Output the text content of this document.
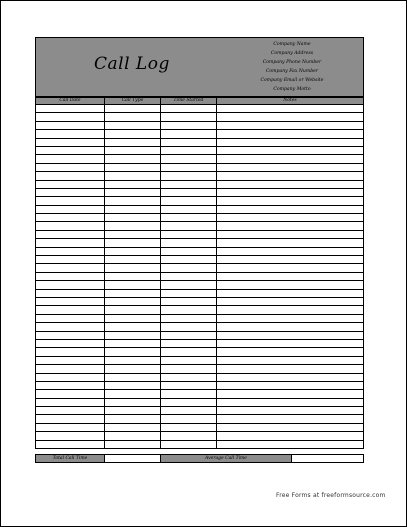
Call Log
Company Name
Company Address
Company Phone Number
Company Fax Number
Company Email or Website
Company Motto
Call Date	Call Type	Time Started	Notes
Total Call Time	Average Call Time
Free Forms at freeformsource.com
